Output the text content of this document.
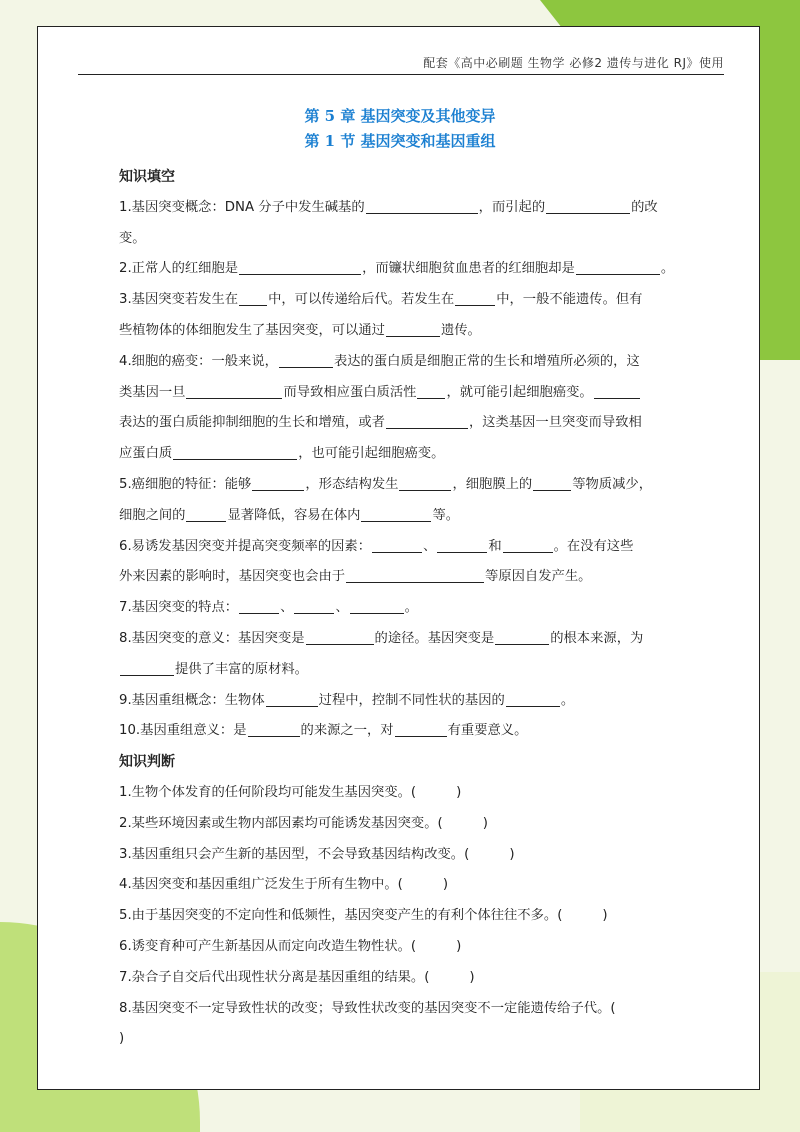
配套《高中必刷题 生物学 必修2 遗传与进化 RJ》使用
第 5 章 基因突变及其他变异
第 1 节 基因突变和基因重组
知识填空

1.基因突变概念：DNA 分子中发生碱基的	，而引起的	的改
变。

2.正常人的红细胞是	，而镰状细胞贫血患者的红细胞却是	。

3.基因突变若发生在 中，可以传递给后代。若发生在	中，一般不能遗传。但有
些植物体的体细胞发生了基因突变，可以通过	遗传。

4.细胞的癌变：一般来说，	表达的蛋白质是细胞正常的生长和增殖所必须的，这
类基因一旦	而导致相应蛋白质活性 ，就可能引起细胞癌变。
表达的蛋白质能抑制细胞的生长和增殖，或者	，这类基因一旦突变而导致相
应蛋白质	，也可能引起细胞癌变。

5.癌细胞的特征：能够	，形态结构发生	，细胞膜上的	等物质减少，
细胞之间的	显著降低，容易在体内	等。

6.易诱发基因突变并提高突变频率的因素：	、	和	。在没有这些
外来因素的影响时，基因突变也会由于	等原因自发产生。

7.基因突变的特点：	、	、	。

8.基因突变的意义：基因突变是	的途径。基因突变是	的根本来源，为
提供了丰富的原材料。

9.基因重组概念：生物体	过程中，控制不同性状的基因的	。

10.基因重组意义：是	的来源之一，对	有重要意义。

知识判断

1.生物个体发育的任何阶段均可能发生基因突变。(	)

2.某些环境因素或生物内部因素均可能诱发基因突变。(	)

3.基因重组只会产生新的基因型，不会导致基因结构改变。(	)

4.基因突变和基因重组广泛发生于所有生物中。(	)

5.由于基因突变的不定向性和低频性，基因突变产生的有利个体往往不多。(	)

6.诱变育种可产生新基因从而定向改造生物性状。(	)

7.杂合子自交后代出现性状分离是基因重组的结果。(	)

8.基因突变不一定导致性状的改变；导致性状改变的基因突变不一定能遗传给子代。(
)
